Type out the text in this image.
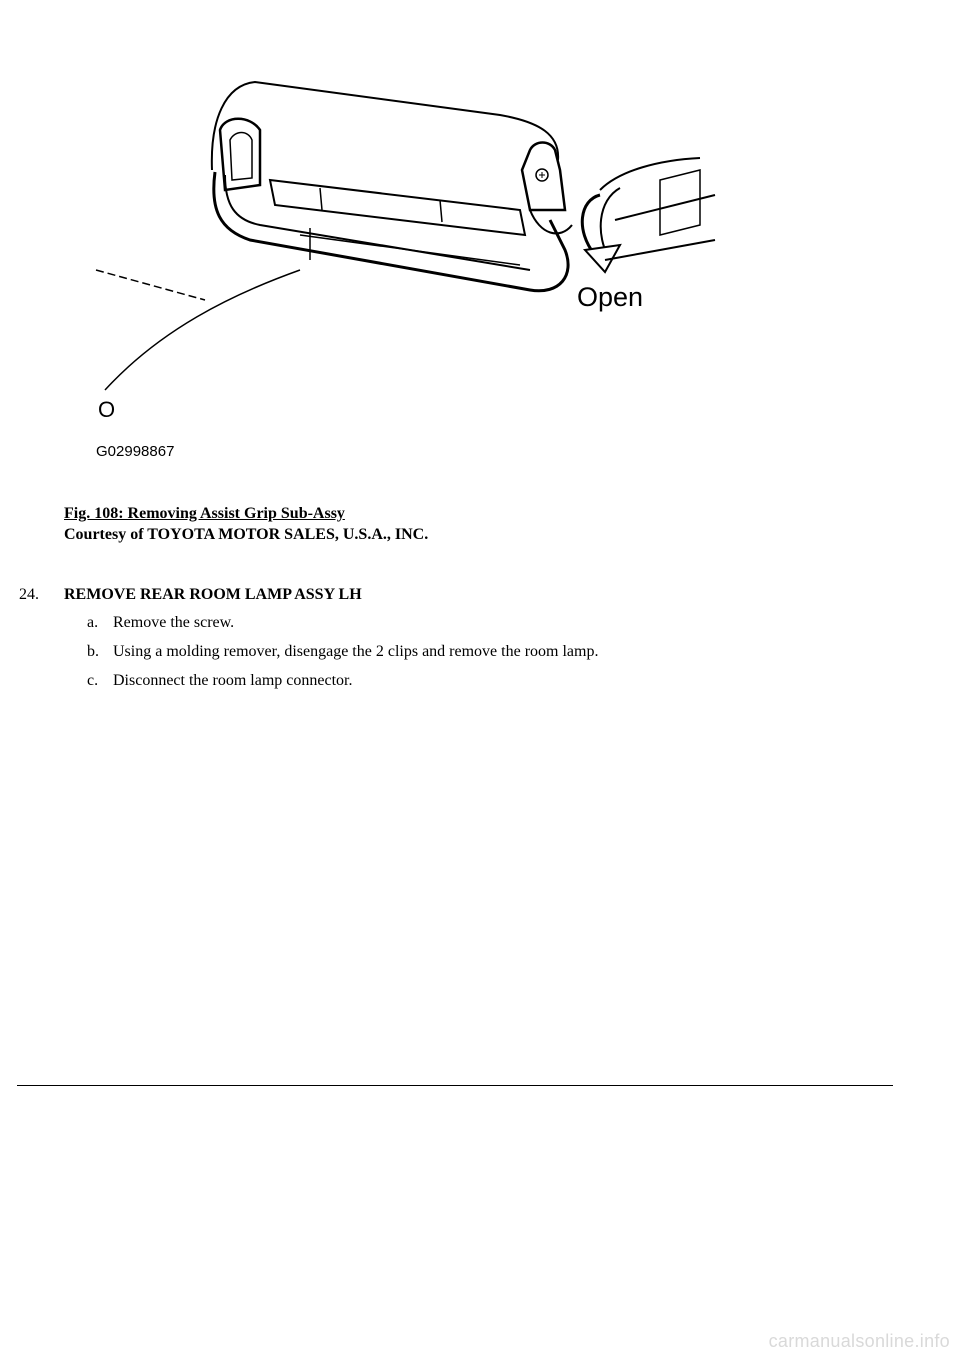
Open
O
G02998867
Fig. 108: Removing Assist Grip Sub-Assy
Courtesy of TOYOTA MOTOR SALES, U.S.A., INC.
24. REMOVE REAR ROOM LAMP ASSY LH
a. Remove the screw.
b. Using a molding remover, disengage the 2 clips and remove the room lamp.
c. Disconnect the room lamp connector.
carmanualsonline.info
